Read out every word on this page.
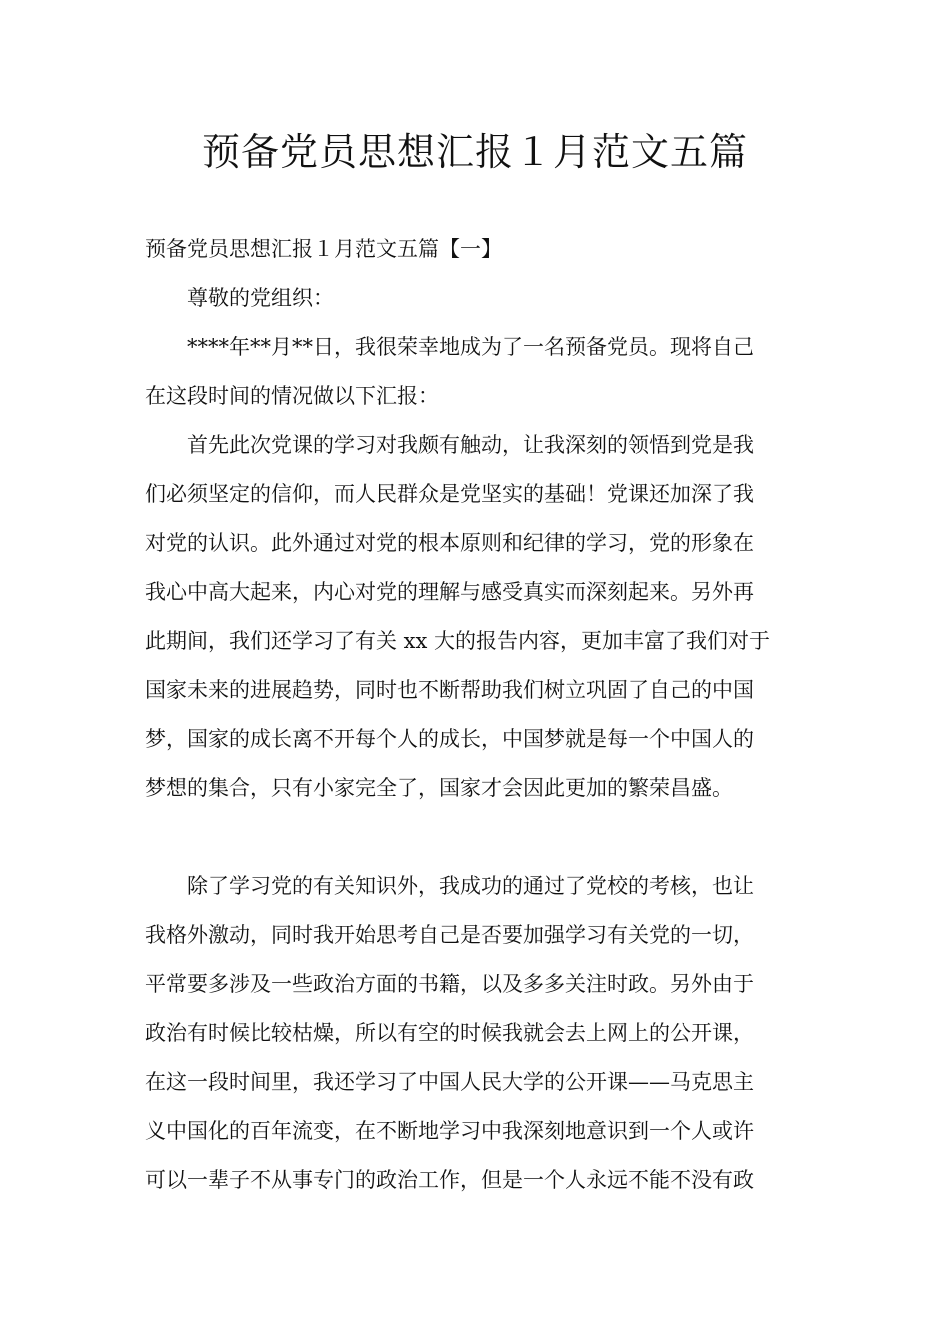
预备党员思想汇报１月范文五篇
预备党员思想汇报１月范文五篇【一】
尊敬的党组织：
****年**月**日，我很荣幸地成为了一名预备党员。现将自己
在这段时间的情况做以下汇报：
首先此次党课的学习对我颇有触动，让我深刻的领悟到党是我
们必须坚定的信仰，而人民群众是党坚实的基础！党课还加深了我
对党的认识。此外通过对党的根本原则和纪律的学习，党的形象在
我心中高大起来，内心对党的理解与感受真实而深刻起来。另外再
此期间，我们还学习了有关 xx 大的报告内容，更加丰富了我们对于
国家未来的进展趋势，同时也不断帮助我们树立巩固了自己的中国
梦，国家的成长离不开每个人的成长，中国梦就是每一个中国人的
梦想的集合，只有小家完全了，国家才会因此更加的繁荣昌盛。
除了学习党的有关知识外，我成功的通过了党校的考核，也让
我格外激动，同时我开始思考自己是否要加强学习有关党的一切，
平常要多涉及一些政治方面的书籍，以及多多关注时政。另外由于
政治有时候比较枯燥，所以有空的时候我就会去上网上的公开课，
在这一段时间里，我还学习了中国人民大学的公开课——马克思主
义中国化的百年流变，在不断地学习中我深刻地意识到一个人或许
可以一辈子不从事专门的政治工作，但是一个人永远不能不没有政
